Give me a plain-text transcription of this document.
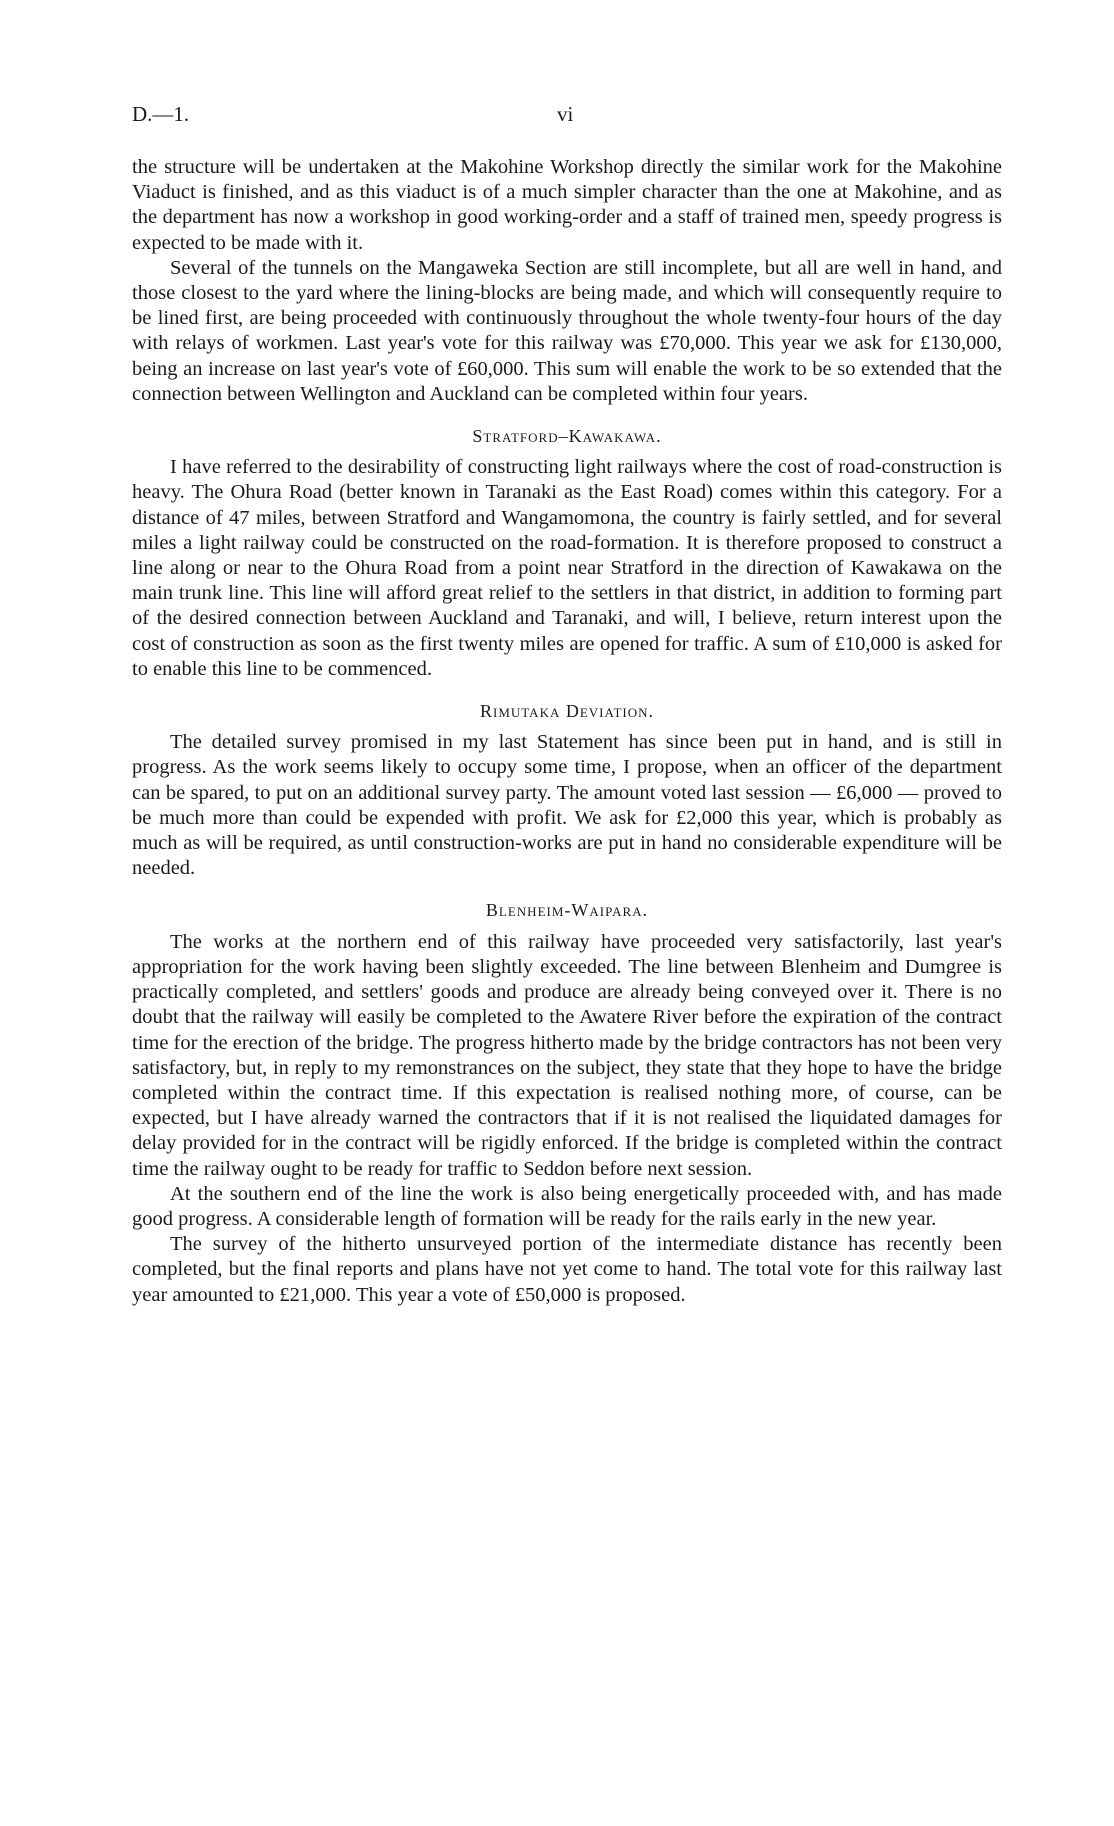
D.—1.	vi

the structure will be undertaken at the Makohine Workshop directly the similar work for the Makohine Viaduct is finished, and as this viaduct is of a much simpler character than the one at Makohine, and as the department has now a workshop in good working-order and a staff of trained men, speedy progress is expected to be made with it.

Several of the tunnels on the Mangaweka Section are still incomplete, but all are well in hand, and those closest to the yard where the lining-blocks are being made, and which will consequently require to be lined first, are being proceeded with continuously throughout the whole twenty-four hours of the day with relays of workmen. Last year's vote for this railway was £70,000. This year we ask for £130,000, being an increase on last year's vote of £60,000. This sum will enable the work to be so extended that the connection between Wellington and Auckland can be completed within four years.

Stratford–Kawakawa.

I have referred to the desirability of constructing light railways where the cost of road-construction is heavy. The Ohura Road (better known in Taranaki as the East Road) comes within this category. For a distance of 47 miles, between Stratford and Wangamomona, the country is fairly settled, and for several miles a light railway could be constructed on the road-formation. It is therefore proposed to construct a line along or near to the Ohura Road from a point near Stratford in the direction of Kawakawa on the main trunk line. This line will afford great relief to the settlers in that district, in addition to forming part of the desired connection between Auckland and Taranaki, and will, I believe, return interest upon the cost of construction as soon as the first twenty miles are opened for traffic. A sum of £10,000 is asked for to enable this line to be commenced.

Rimutaka Deviation.

The detailed survey promised in my last Statement has since been put in hand, and is still in progress. As the work seems likely to occupy some time, I propose, when an officer of the department can be spared, to put on an additional survey party. The amount voted last session — £6,000 — proved to be much more than could be expended with profit. We ask for £2,000 this year, which is probably as much as will be required, as until construction-works are put in hand no considerable expenditure will be needed.

Blenheim-Waipara.

The works at the northern end of this railway have proceeded very satisfactorily, last year's appropriation for the work having been slightly exceeded. The line between Blenheim and Dumgree is practically completed, and settlers' goods and produce are already being conveyed over it. There is no doubt that the railway will easily be completed to the Awatere River before the expiration of the contract time for the erection of the bridge. The progress hitherto made by the bridge contractors has not been very satisfactory, but, in reply to my remonstrances on the subject, they state that they hope to have the bridge completed within the contract time. If this expectation is realised nothing more, of course, can be expected, but I have already warned the contractors that if it is not realised the liquidated damages for delay provided for in the contract will be rigidly enforced. If the bridge is completed within the contract time the railway ought to be ready for traffic to Seddon before next session.

At the southern end of the line the work is also being energetically proceeded with, and has made good progress. A considerable length of formation will be ready for the rails early in the new year.

The survey of the hitherto unsurveyed portion of the intermediate distance has recently been completed, but the final reports and plans have not yet come to hand. The total vote for this railway last year amounted to £21,000. This year a vote of £50,000 is proposed.
